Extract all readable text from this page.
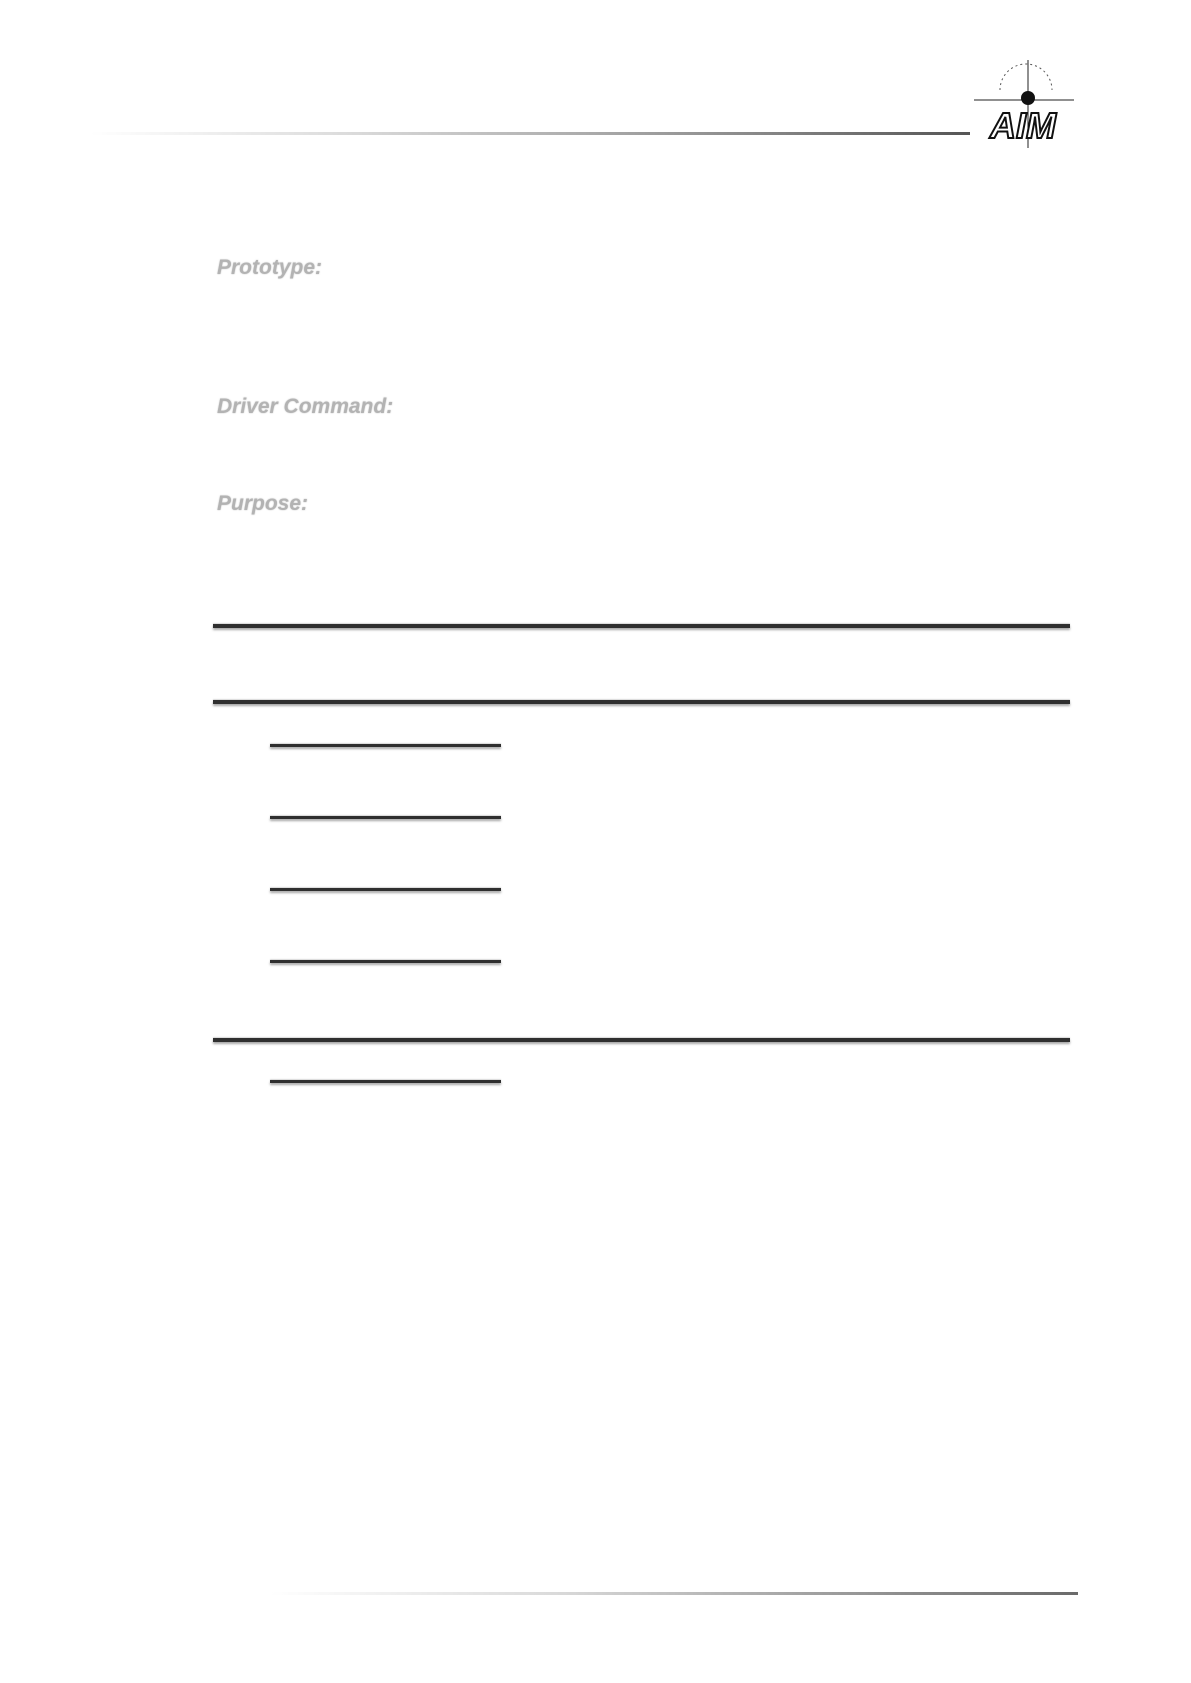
AIM

Prototype:

Driver Command:

Purpose:
